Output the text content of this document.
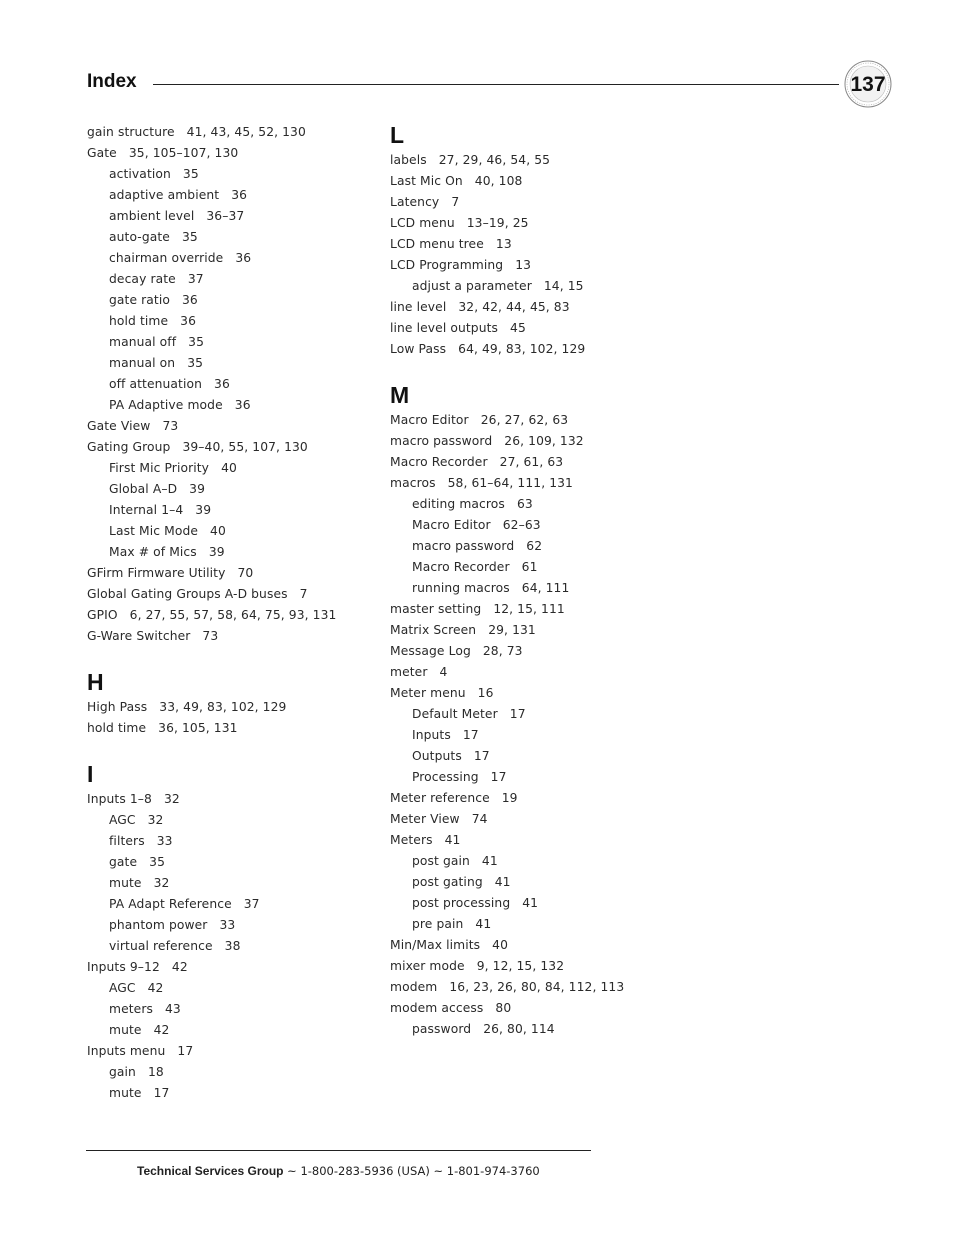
Index	137
gain structure 41, 43, 45, 52, 130
Gate 35, 105–107, 130
activation 35
adaptive ambient 36
ambient level 36–37
auto-gate 35
chairman override 36
decay rate 37
gate ratio 36
hold time 36
manual off 35
manual on 35
off attenuation 36
PA Adaptive mode 36
Gate View 73
Gating Group 39–40, 55, 107, 130
First Mic Priority 40
Global A–D 39
Internal 1–4 39
Last Mic Mode 40
Max # of Mics 39
GFirm Firmware Utility 70
Global Gating Groups A-D buses 7
GPIO 6, 27, 55, 57, 58, 64, 75, 93, 131
G-Ware Switcher 73
H
High Pass 33, 49, 83, 102, 129
hold time 36, 105, 131
I
Inputs 1–8 32
AGC 32
filters 33
gate 35
mute 32
PA Adapt Reference 37
phantom power 33
virtual reference 38
Inputs 9–12 42
AGC 42
meters 43
mute 42
Inputs menu 17
gain 18
mute 17
L
labels 27, 29, 46, 54, 55
Last Mic On 40, 108
Latency 7
LCD menu 13–19, 25
LCD menu tree 13
LCD Programming 13
adjust a parameter 14, 15
line level 32, 42, 44, 45, 83
line level outputs 45
Low Pass 64, 49, 83, 102, 129
M
Macro Editor 26, 27, 62, 63
macro password 26, 109, 132
Macro Recorder 27, 61, 63
macros 58, 61–64, 111, 131
editing macros 63
Macro Editor 62–63
macro password 62
Macro Recorder 61
running macros 64, 111
master setting 12, 15, 111
Matrix Screen 29, 131
Message Log 28, 73
meter 4
Meter menu 16
Default Meter 17
Inputs 17
Outputs 17
Processing 17
Meter reference 19
Meter View 74
Meters 41
post gain 41
post gating 41
post processing 41
pre pain 41
Min/Max limits 40
mixer mode 9, 12, 15, 132
modem 16, 23, 26, 80, 84, 112, 113
modem access 80
password 26, 80, 114
Technical Services Group ~ 1-800-283-5936 (USA) ~ 1-801-974-3760
